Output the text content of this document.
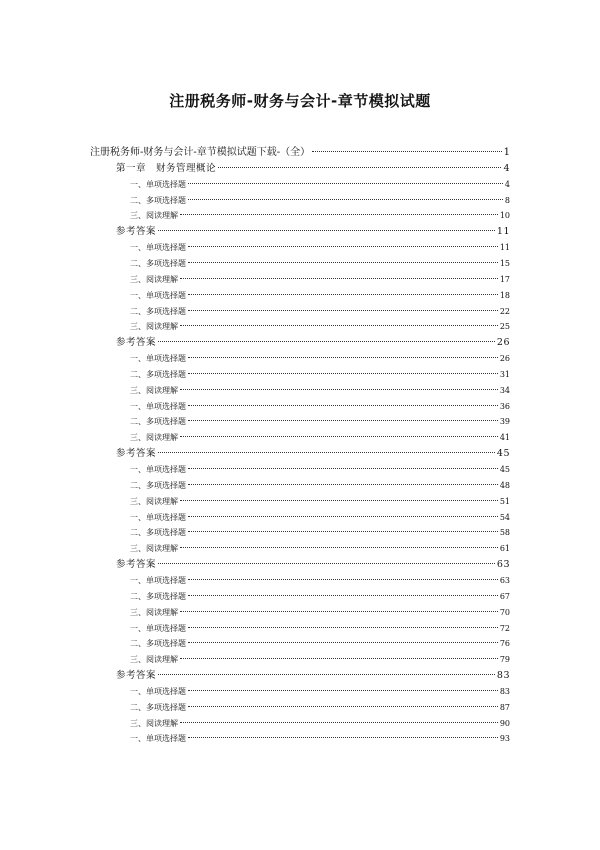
注册税务师-财务与会计-章节模拟试题
注册税务师-财务与会计-章节模拟试题下载-（全）	1
第一章　财务管理概论	4
一、单项选择题	4
二、多项选择题	8
三、阅读理解	10
参考答案	11
一、单项选择题	11
二、多项选择题	15
三、阅读理解	17
一、单项选择题	18
二、多项选择题	22
三、阅读理解	25
参考答案	26
一、单项选择题	26
二、多项选择题	31
三、阅读理解	34
一、单项选择题	36
二、多项选择题	39
三、阅读理解	41
参考答案	45
一、单项选择题	45
二、多项选择题	48
三、阅读理解	51
一、单项选择题	54
二、多项选择题	58
三、阅读理解	61
参考答案	63
一、单项选择题	63
二、多项选择题	67
三、阅读理解	70
一、单项选择题	72
二、多项选择题	76
三、阅读理解	79
参考答案	83
一、单项选择题	83
二、多项选择题	87
三、阅读理解	90
一、单项选择题	93
